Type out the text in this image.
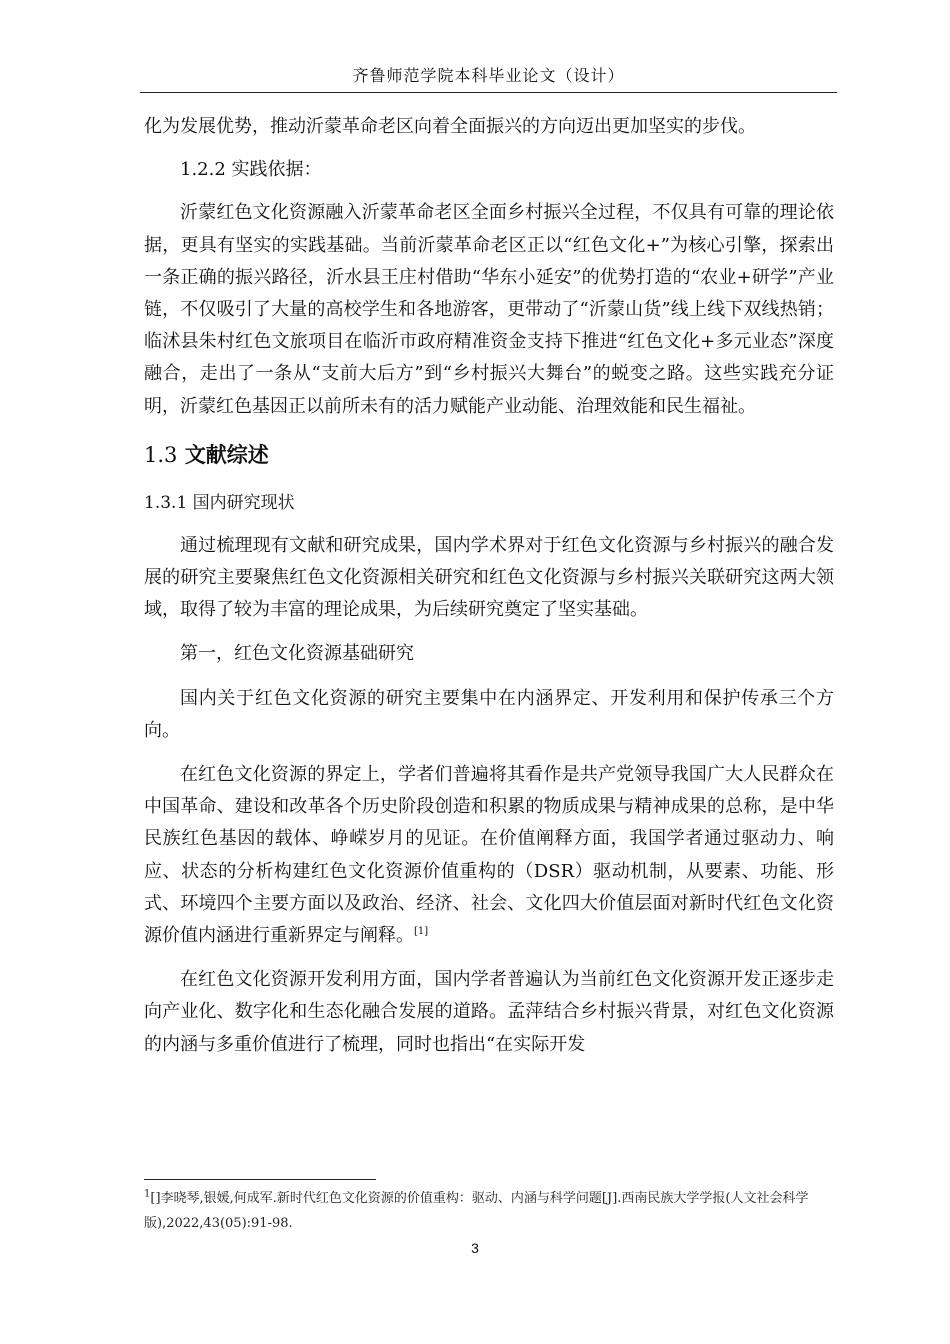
齐鲁师范学院本科毕业论文（设计）

化为发展优势，推动沂蒙革命老区向着全面振兴的方向迈出更加坚实的步伐。

1.2.2 实践依据：

沂蒙红色文化资源融入沂蒙革命老区全面乡村振兴全过程，不仅具有可靠的理论依据，更具有坚实的实践基础。当前沂蒙革命老区正以“红色文化+”为核心引擎，探索出一条正确的振兴路径，沂水县王庄村借助“华东小延安”的优势打造的“农业+研学”产业链，不仅吸引了大量的高校学生和各地游客，更带动了“沂蒙山货”线上线下双线热销；临沭县朱村红色文旅项目在临沂市政府精准资金支持下推进“红色文化+多元业态”深度融合，走出了一条从“支前大后方”到“乡村振兴大舞台”的蜕变之路。这些实践充分证明，沂蒙红色基因正以前所未有的活力赋能产业动能、治理效能和民生福祉。

1.3 文献综述

1.3.1 国内研究现状

通过梳理现有文献和研究成果，国内学术界对于红色文化资源与乡村振兴的融合发展的研究主要聚焦红色文化资源相关研究和红色文化资源与乡村振兴关联研究这两大领域，取得了较为丰富的理论成果，为后续研究奠定了坚实基础。

第一，红色文化资源基础研究

国内关于红色文化资源的研究主要集中在内涵界定、开发利用和保护传承三个方向。

在红色文化资源的界定上，学者们普遍将其看作是共产党领导我国广大人民群众在中国革命、建设和改革各个历史阶段创造和积累的物质成果与精神成果的总称，是中华民族红色基因的载体、峥嵘岁月的见证。在价值阐释方面，我国学者通过驱动力、响应、状态的分析构建红色文化资源价值重构的（DSR）驱动机制，从要素、功能、形式、环境四个主要方面以及政治、经济、社会、文化四大价值层面对新时代红色文化资源价值内涵进行重新界定与阐释。[1]

在红色文化资源开发利用方面，国内学者普遍认为当前红色文化资源开发正逐步走向产业化、数字化和生态化融合发展的道路。孟萍结合乡村振兴背景，对红色文化资源的内涵与多重价值进行了梳理，同时也指出“在实际开发

$^1$[]李晓琴,银媛,何成军.新时代红色文化资源的价值重构：驱动、内涵与科学问题[J].西南民族大学学报(人文社会科学版),2022,43(05):91-98.
3
